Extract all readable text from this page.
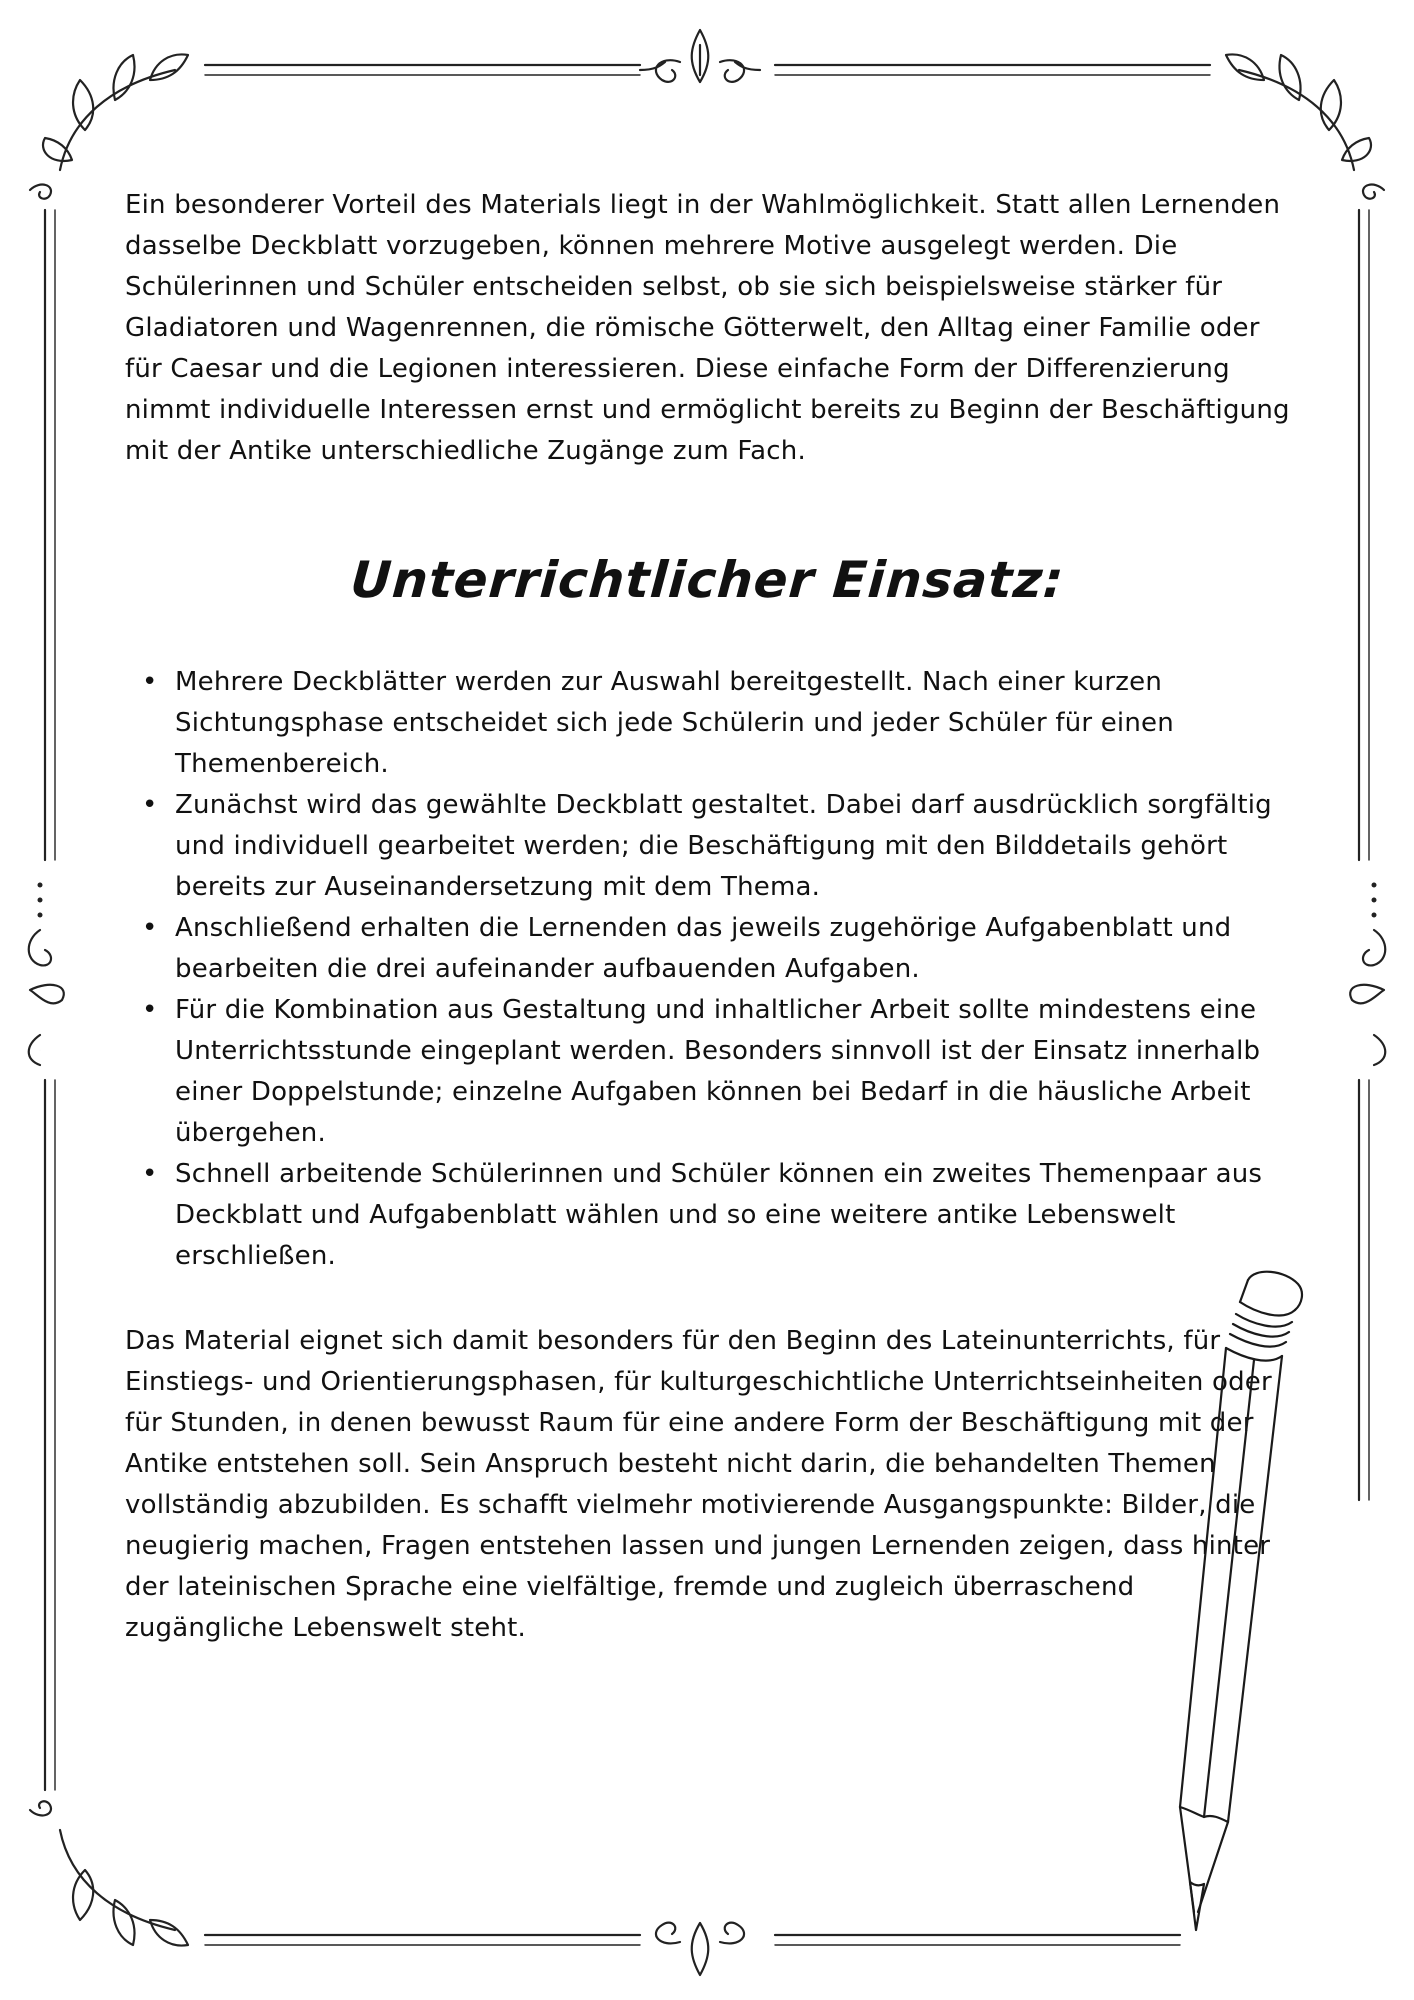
Ein besonderer Vorteil des Materials liegt in der Wahlmöglichkeit. Statt allen Lernenden dasselbe Deckblatt vorzugeben, können mehrere Motive ausgelegt werden. Die Schülerinnen und Schüler entscheiden selbst, ob sie sich beispielsweise stärker für Gladiatoren und Wagenrennen, die römische Götterwelt, den Alltag einer Familie oder für Caesar und die Legionen interessieren. Diese einfache Form der Differenzierung nimmt individuelle Interessen ernst und ermöglicht bereits zu Beginn der Beschäftigung mit der Antike unterschiedliche Zugänge zum Fach.

Unterrichtlicher Einsatz:
• Mehrere Deckblätter werden zur Auswahl bereitgestellt. Nach einer kurzen Sichtungsphase entscheidet sich jede Schülerin und jeder Schüler für einen Themenbereich.
• Zunächst wird das gewählte Deckblatt gestaltet. Dabei darf ausdrücklich sorgfältig und individuell gearbeitet werden; die Beschäftigung mit den Bilddetails gehört bereits zur Auseinandersetzung mit dem Thema.
• Anschließend erhalten die Lernenden das jeweils zugehörige Aufgabenblatt und bearbeiten die drei aufeinander aufbauenden Aufgaben.
• Für die Kombination aus Gestaltung und inhaltlicher Arbeit sollte mindestens eine Unterrichtsstunde eingeplant werden. Besonders sinnvoll ist der Einsatz innerhalb einer Doppelstunde; einzelne Aufgaben können bei Bedarf in die häusliche Arbeit übergehen.
• Schnell arbeitende Schülerinnen und Schüler können ein zweites Themenpaar aus Deckblatt und Aufgabenblatt wählen und so eine weitere antike Lebenswelt erschließen.

Das Material eignet sich damit besonders für den Beginn des Lateinunterrichts, für Einstiegs- und Orientierungsphasen, für kulturgeschichtliche Unterrichtseinheiten oder für Stunden, in denen bewusst Raum für eine andere Form der Beschäftigung mit der Antike entstehen soll. Sein Anspruch besteht nicht darin, die behandelten Themen vollständig abzubilden. Es schafft vielmehr motivierende Ausgangspunkte: Bilder, die neugierig machen, Fragen entstehen lassen und jungen Lernenden zeigen, dass hinter der lateinischen Sprache eine vielfältige, fremde und zugleich überraschend zugängliche Lebenswelt steht.
